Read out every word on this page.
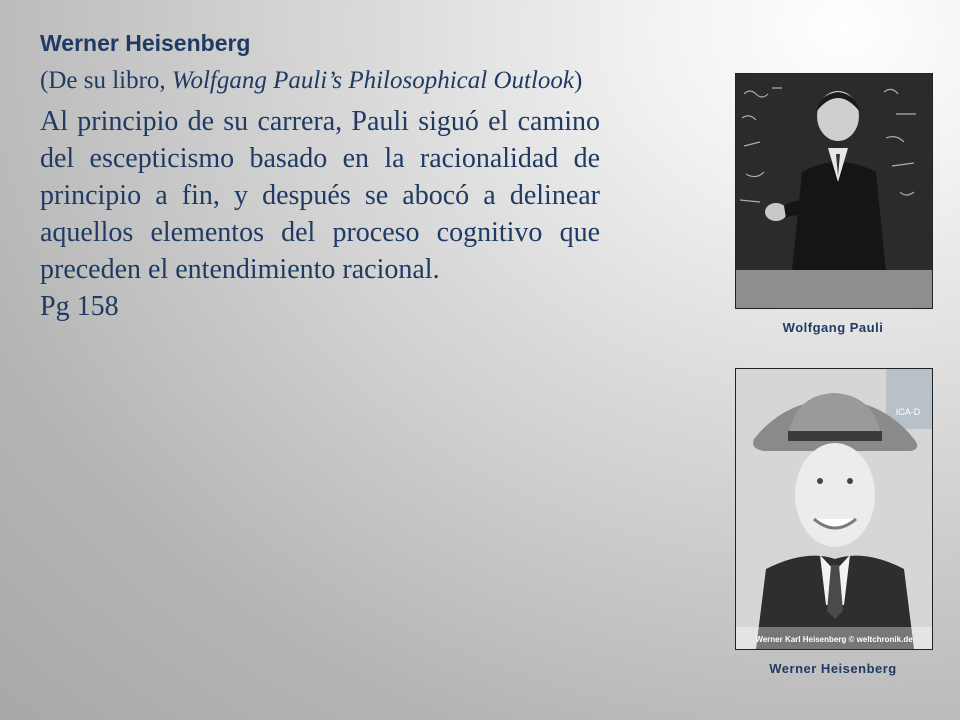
Werner Heisenberg

(De su libro, Wolfgang Pauli’s Philosophical Outlook)

Al principio de su carrera, Pauli siguó el camino del escepticismo basado en la racionalidad de principio a fin, y después se abocó a delinear aquellos elementos del proceso cognitivo que preceden el entendimiento racional.

Pg 158

Wolfgang Pauli
ICA-D
Werner Karl Heisenberg © weltchronik.de
Werner Heisenberg
